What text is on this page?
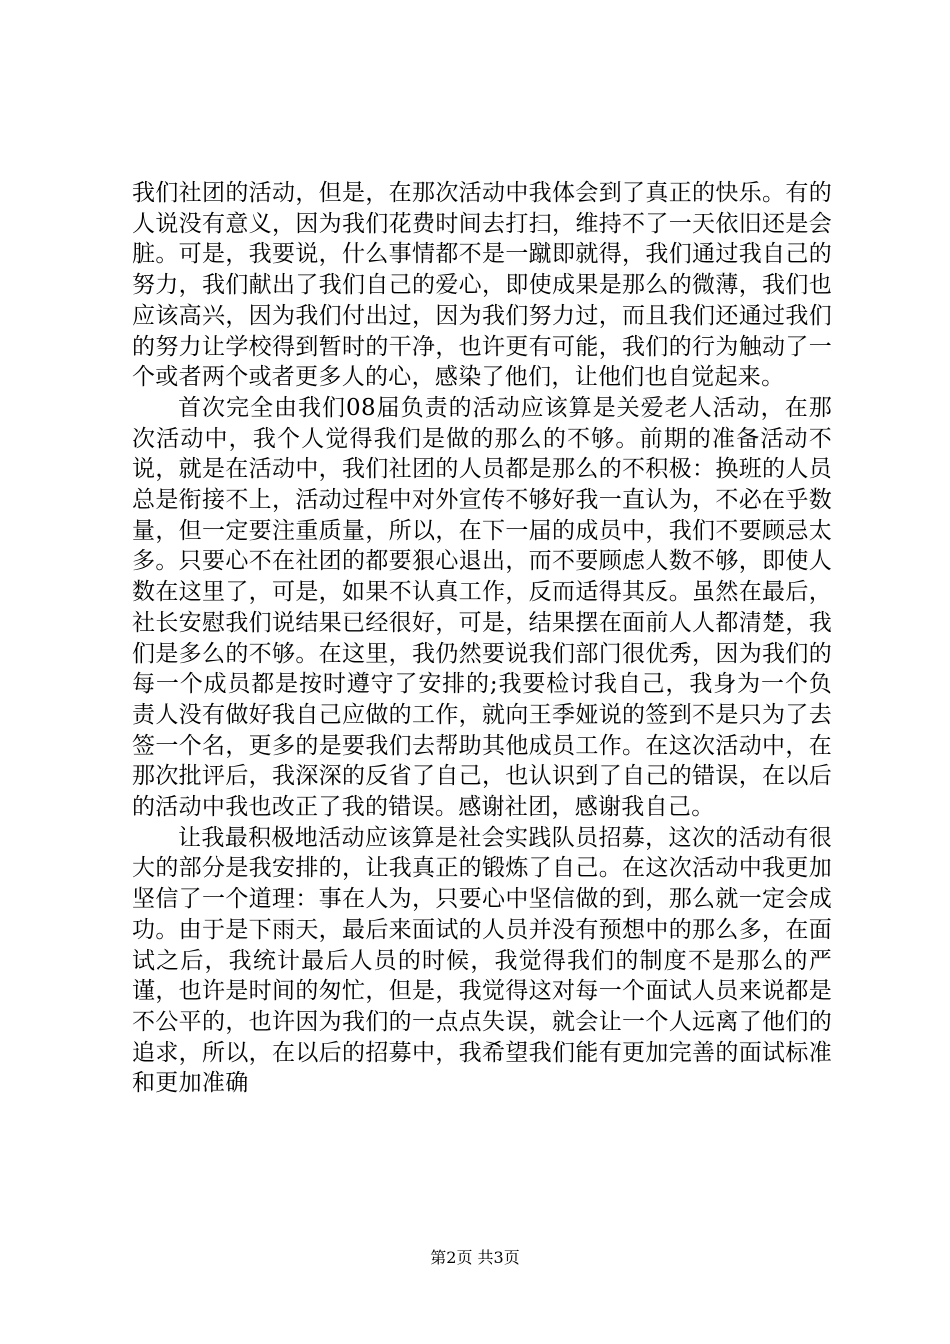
我们社团的活动，但是，在那次活动中我体会到了真正的快乐。有的人说没有意义，因为我们花费时间去打扫，维持不了一天依旧还是会脏。可是，我要说，什么事情都不是一蹴即就得，我们通过我自己的努力，我们献出了我们自己的爱心，即使成果是那么的微薄，我们也应该高兴，因为我们付出过，因为我们努力过，而且我们还通过我们的努力让学校得到暂时的干净，也许更有可能，我们的行为触动了一个或者两个或者更多人的心，感染了他们，让他们也自觉起来。

首次完全由我们08届负责的活动应该算是关爱老人活动，在那次活动中，我个人觉得我们是做的那么的不够。前期的准备活动不说，就是在活动中，我们社团的人员都是那么的不积极：换班的人员总是衔接不上，活动过程中对外宣传不够好我一直认为，不必在乎数量，但一定要注重质量，所以，在下一届的成员中，我们不要顾忌太多。只要心不在社团的都要狠心退出，而不要顾虑人数不够，即使人数在这里了，可是，如果不认真工作，反而适得其反。虽然在最后，社长安慰我们说结果已经很好，可是，结果摆在面前人人都清楚，我们是多么的不够。在这里，我仍然要说我们部门很优秀，因为我们的每一个成员都是按时遵守了安排的;我要检讨我自己，我身为一个负责人没有做好我自己应做的工作，就向王季娅说的签到不是只为了去签一个名，更多的是要我们去帮助其他成员工作。在这次活动中，在那次批评后，我深深的反省了自己，也认识到了自己的错误，在以后的活动中我也改正了我的错误。感谢社团，感谢我自己。

让我最积极地活动应该算是社会实践队员招募，这次的活动有很大的部分是我安排的，让我真正的锻炼了自己。在这次活动中我更加坚信了一个道理：事在人为，只要心中坚信做的到，那么就一定会成功。由于是下雨天，最后来面试的人员并没有预想中的那么多，在面试之后，我统计最后人员的时候，我觉得我们的制度不是那么的严谨，也许是时间的匆忙，但是，我觉得这对每一个面试人员来说都是不公平的，也许因为我们的一点点失误，就会让一个人远离了他们的追求，所以，在以后的招募中，我希望我们能有更加完善的面试标准和更加准确

第2页 共3页
